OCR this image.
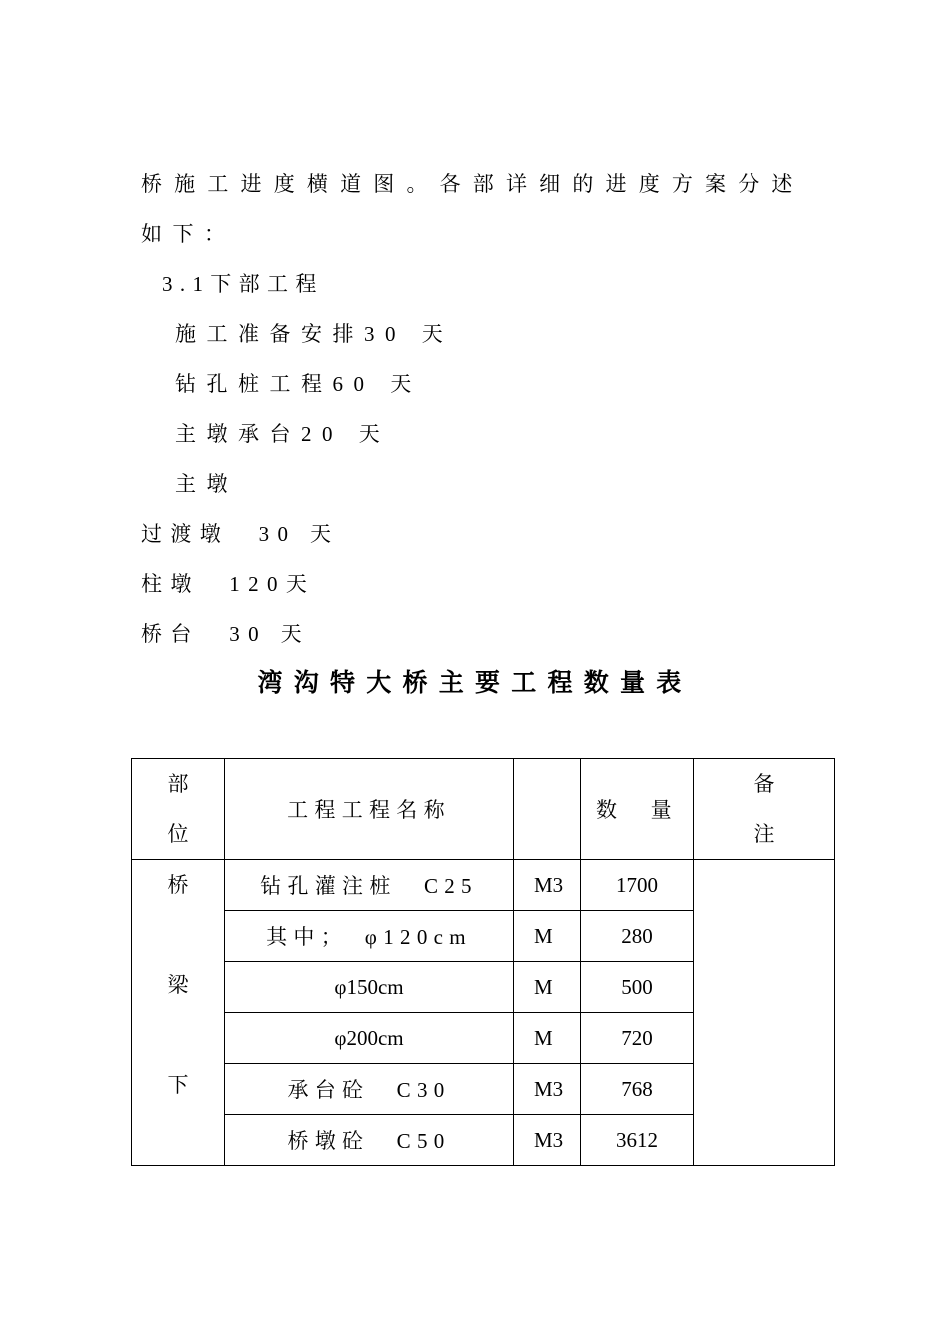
桥施工进度横道图。各部详细的进度方案分述
如下：
3.1下部工程
施工准备安排30 天
钻孔桩工程60 天
主墩承台20 天
主墩
过渡墩　30 天
柱墩　120天
桥台　30 天
湾沟特大桥主要工程数量表
部
位	工程工程名称		数　量	备
注

桥
梁
下	钻孔灌注桩　C25	M3	1700	
	其中；　φ120cm	M	280	
	φ150cm	M	500	
	φ200cm	M	720	
	承台砼　C30	M3	768	
	桥墩砼　C50	M3	3612	
